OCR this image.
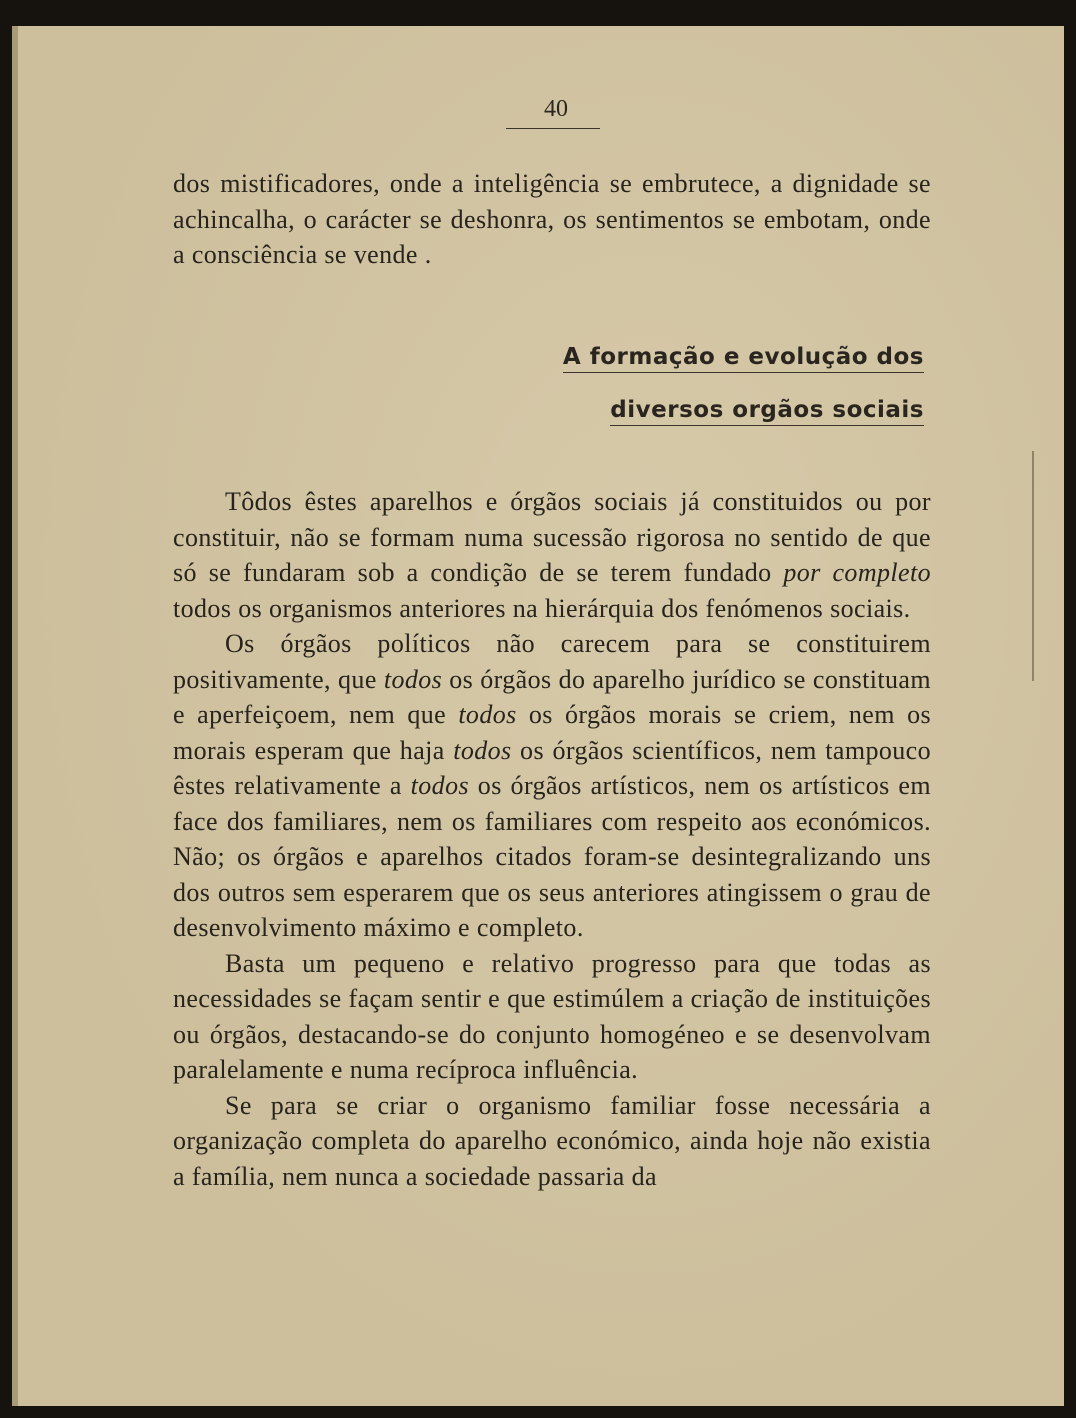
40

dos mistificadores, onde a inteligência se embrutece, a dignidade se achincalha, o carácter se deshonra, os sentimentos se embotam, onde a consciência se vende .

A formação e evolução dos
diversos orgãos sociais

Tôdos êstes aparelhos e órgãos sociais já constituidos ou por constituir, não se formam numa sucessão rigorosa no sentido de que só se fundaram sob a condição de se terem fundado por completo todos os organismos anteriores na hierárquia dos fenómenos sociais.

Os órgãos políticos não carecem para se constituirem positivamente, que todos os órgãos do aparelho jurídico se constituam e aperfeiçoem, nem que todos os órgãos morais se criem, nem os morais esperam que haja todos os órgãos scientíficos, nem tampouco êstes relativamente a todos os órgãos artísticos, nem os artísticos em face dos familiares, nem os familiares com respeito aos económicos. Não; os órgãos e aparelhos citados foram-se desintegralizando uns dos outros sem esperarem que os seus anteriores atingissem o grau de desenvolvimento máximo e completo.

Basta um pequeno e relativo progresso para que todas as necessidades se façam sentir e que estimúlem a criação de instituições ou órgãos, destacando-se do conjunto homogéneo e se desenvolvam paralelamente e numa recíproca influência.

Se para se criar o organismo familiar fosse necessária a organização completa do aparelho económico, ainda hoje não existia a família, nem nunca a sociedade passaria da
